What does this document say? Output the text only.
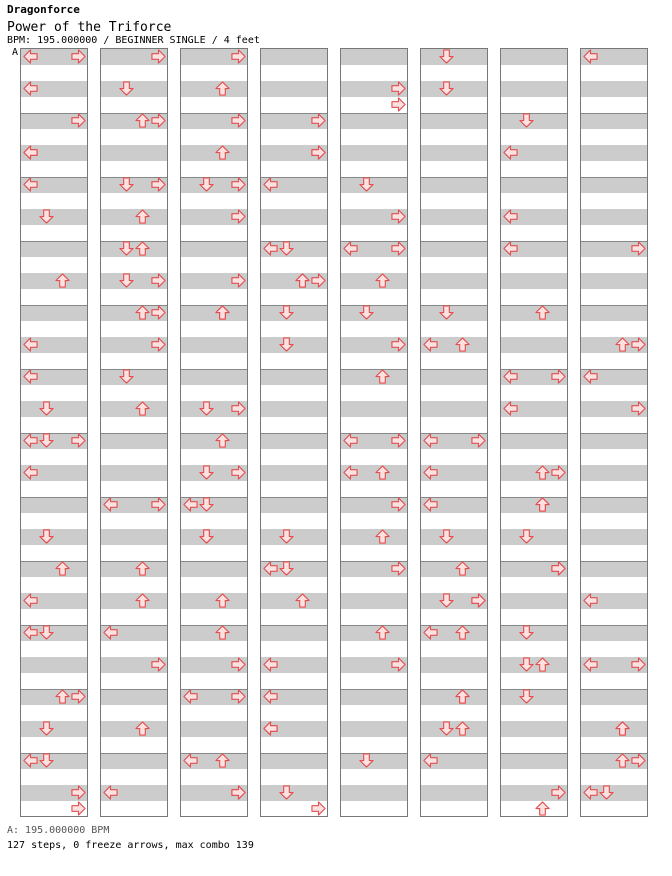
Dragonforce
Power of the Triforce
BPM: 195.000000 / BEGINNER SINGLE / 4 feet
A
A: 195.000000 BPM
127 steps, 0 freeze arrows, max combo 139
